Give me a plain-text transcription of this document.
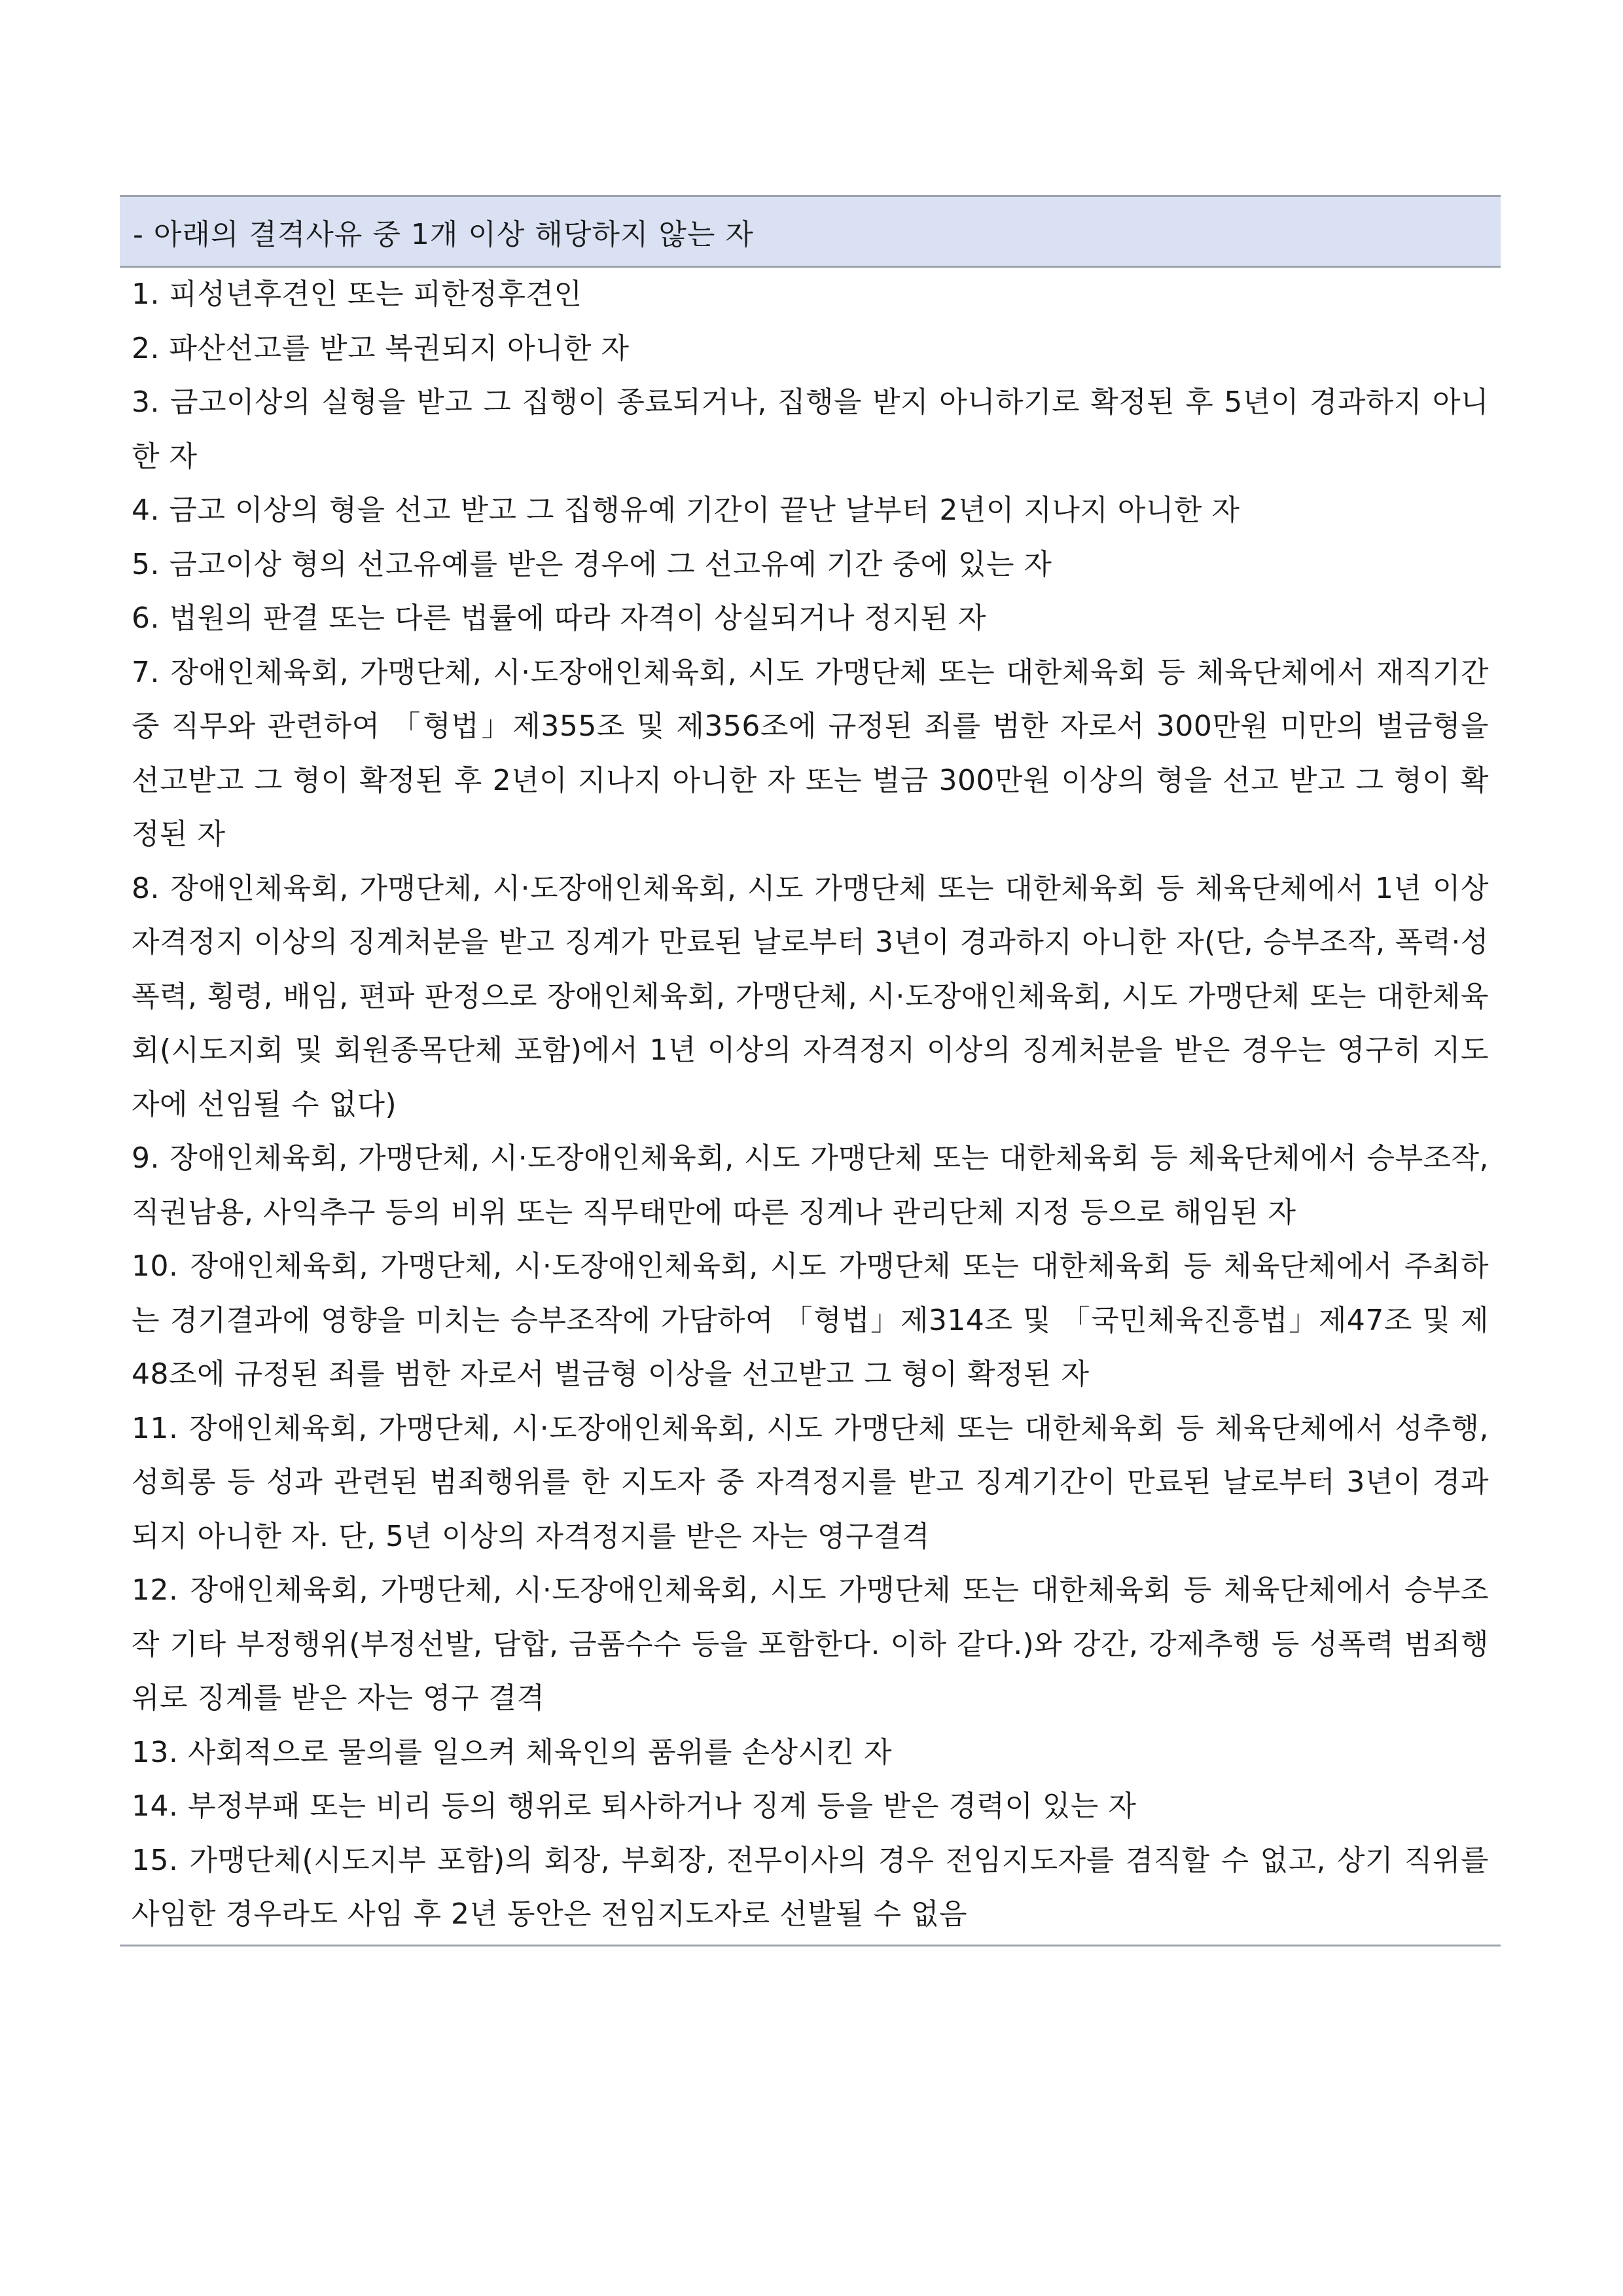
- 아래의 결격사유 중 1개 이상 해당하지 않는 자
1. 피성년후견인 또는 피한정후견인
2. 파산선고를 받고 복권되지 아니한 자
3. 금고이상의 실형을 받고 그 집행이 종료되거나, 집행을 받지 아니하기로 확정된 후 5년이 경과하지 아니한 자
4. 금고 이상의 형을 선고 받고 그 집행유예 기간이 끝난 날부터 2년이 지나지 아니한 자
5. 금고이상 형의 선고유예를 받은 경우에 그 선고유예 기간 중에 있는 자
6. 법원의 판결 또는 다른 법률에 따라 자격이 상실되거나 정지된 자
7. 장애인체육회, 가맹단체, 시·도장애인체육회, 시도 가맹단체 또는 대한체육회 등 체육단체에서 재직기간 중 직무와 관련하여 「형법」제355조 및 제356조에 규정된 죄를 범한 자로서 300만원 미만의 벌금형을 선고받고 그 형이 확정된 후 2년이 지나지 아니한 자 또는 벌금 300만원 이상의 형을 선고 받고 그 형이 확정된 자
8. 장애인체육회, 가맹단체, 시·도장애인체육회, 시도 가맹단체 또는 대한체육회 등 체육단체에서 1년 이상 자격정지 이상의 징계처분을 받고 징계가 만료된 날로부터 3년이 경과하지 아니한 자(단, 승부조작, 폭력·성폭력, 횡령, 배임, 편파 판정으로 장애인체육회, 가맹단체, 시·도장애인체육회, 시도 가맹단체 또는 대한체육회(시도지회 및 회원종목단체 포함)에서 1년 이상의 자격정지 이상의 징계처분을 받은 경우는 영구히 지도자에 선임될 수 없다)
9. 장애인체육회, 가맹단체, 시·도장애인체육회, 시도 가맹단체 또는 대한체육회 등 체육단체에서 승부조작, 직권남용, 사익추구 등의 비위 또는 직무태만에 따른 징계나 관리단체 지정 등으로 해임된 자
10. 장애인체육회, 가맹단체, 시·도장애인체육회, 시도 가맹단체 또는 대한체육회 등 체육단체에서 주최하는 경기결과에 영향을 미치는 승부조작에 가담하여 「형법」제314조 및 「국민체육진흥법」제47조 및 제48조에 규정된 죄를 범한 자로서 벌금형 이상을 선고받고 그 형이 확정된 자
11. 장애인체육회, 가맹단체, 시·도장애인체육회, 시도 가맹단체 또는 대한체육회 등 체육단체에서 성추행, 성희롱 등 성과 관련된 범죄행위를 한 지도자 중 자격정지를 받고 징계기간이 만료된 날로부터 3년이 경과되지 아니한 자. 단, 5년 이상의 자격정지를 받은 자는 영구결격
12. 장애인체육회, 가맹단체, 시·도장애인체육회, 시도 가맹단체 또는 대한체육회 등 체육단체에서 승부조작 기타 부정행위(부정선발, 담합, 금품수수 등을 포함한다. 이하 같다.)와 강간, 강제추행 등 성폭력 범죄행위로 징계를 받은 자는 영구 결격
13. 사회적으로 물의를 일으켜 체육인의 품위를 손상시킨 자
14. 부정부패 또는 비리 등의 행위로 퇴사하거나 징계 등을 받은 경력이 있는 자
15. 가맹단체(시도지부 포함)의 회장, 부회장, 전무이사의 경우 전임지도자를 겸직할 수 없고, 상기 직위를 사임한 경우라도 사임 후 2년 동안은 전임지도자로 선발될 수 없음
